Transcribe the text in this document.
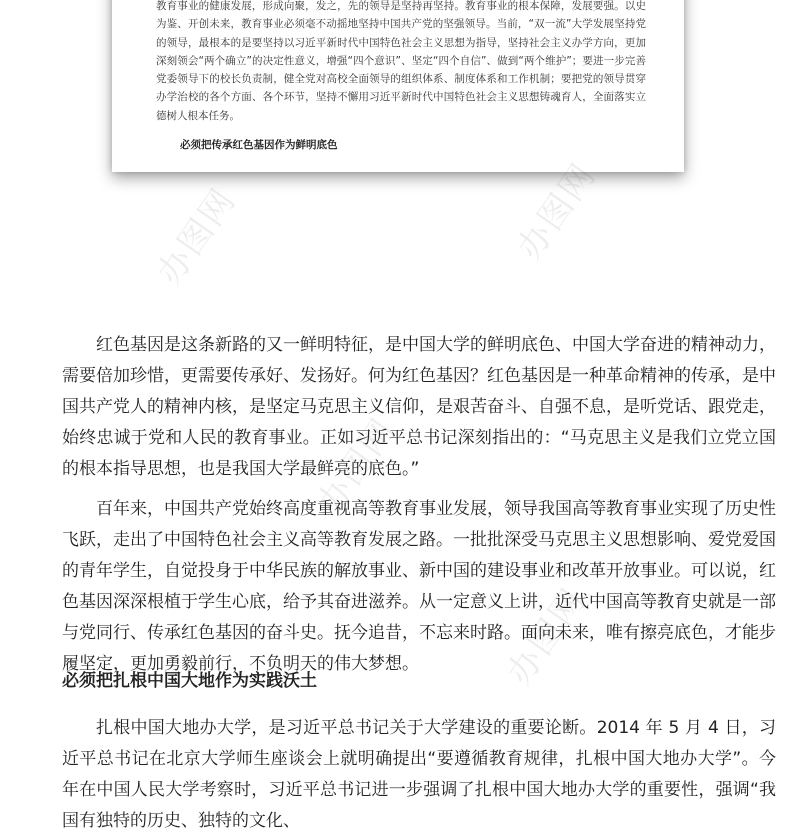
教育事业的健康发展，形成向聚，发之，先的领导是坚持再坚持。教育事业的根本保障，发展要强。以史为鉴、开创未来，教育事业必须毫不动摇地坚持中国共产党的坚强领导。当前，“双一流”大学发展坚持党的领导，最根本的是要坚持以习近平新时代中国特色社会主义思想为指导，坚持社会主义办学方向，更加深刻领会“两个确立”的决定性意义，增强“四个意识”、坚定“四个自信”、做到“两个维护”；要进一步完善党委领导下的校长负责制，健全党对高校全面领导的组织体系、制度体系和工作机制；要把党的领导贯穿办学治校的各个方面、各个环节，坚持不懈用习近平新时代中国特色社会主义思想铸魂育人，全面落实立德树人根本任务。
必须把传承红色基因作为鲜明底色
办图网	办图网
办图网
办图网

红色基因是这条新路的又一鲜明特征，是中国大学的鲜明底色、中国大学奋进的精神动力，需要倍加珍惜，更需要传承好、发扬好。何为红色基因？红色基因是一种革命精神的传承，是中国共产党人的精神内核，是坚定马克思主义信仰，是艰苦奋斗、自强不息，是听党话、跟党走，始终忠诚于党和人民的教育事业。正如习近平总书记深刻指出的：“马克思主义是我们立党立国的根本指导思想，也是我国大学最鲜亮的底色。”

百年来，中国共产党始终高度重视高等教育事业发展，领导我国高等教育事业实现了历史性飞跃，走出了中国特色社会主义高等教育发展之路。一批批深受马克思主义思想影响、爱党爱国的青年学生，自觉投身于中华民族的解放事业、新中国的建设事业和改革开放事业。可以说，红色基因深深根植于学生心底，给予其奋进滋养。从一定意义上讲，近代中国高等教育史就是一部与党同行、传承红色基因的奋斗史。抚今追昔，不忘来时路。面向未来，唯有擦亮底色，才能步履坚定，更加勇毅前行，不负明天的伟大梦想。

必须把扎根中国大地作为实践沃土

扎根中国大地办大学，是习近平总书记关于大学建设的重要论断。2014 年 5 月 4 日，习近平总书记在北京大学师生座谈会上就明确提出“要遵循教育规律，扎根中国大地办大学”。今年在中国人民大学考察时，习近平总书记进一步强调了扎根中国大地办大学的重要性，强调“我国有独特的历史、独特的文化、
